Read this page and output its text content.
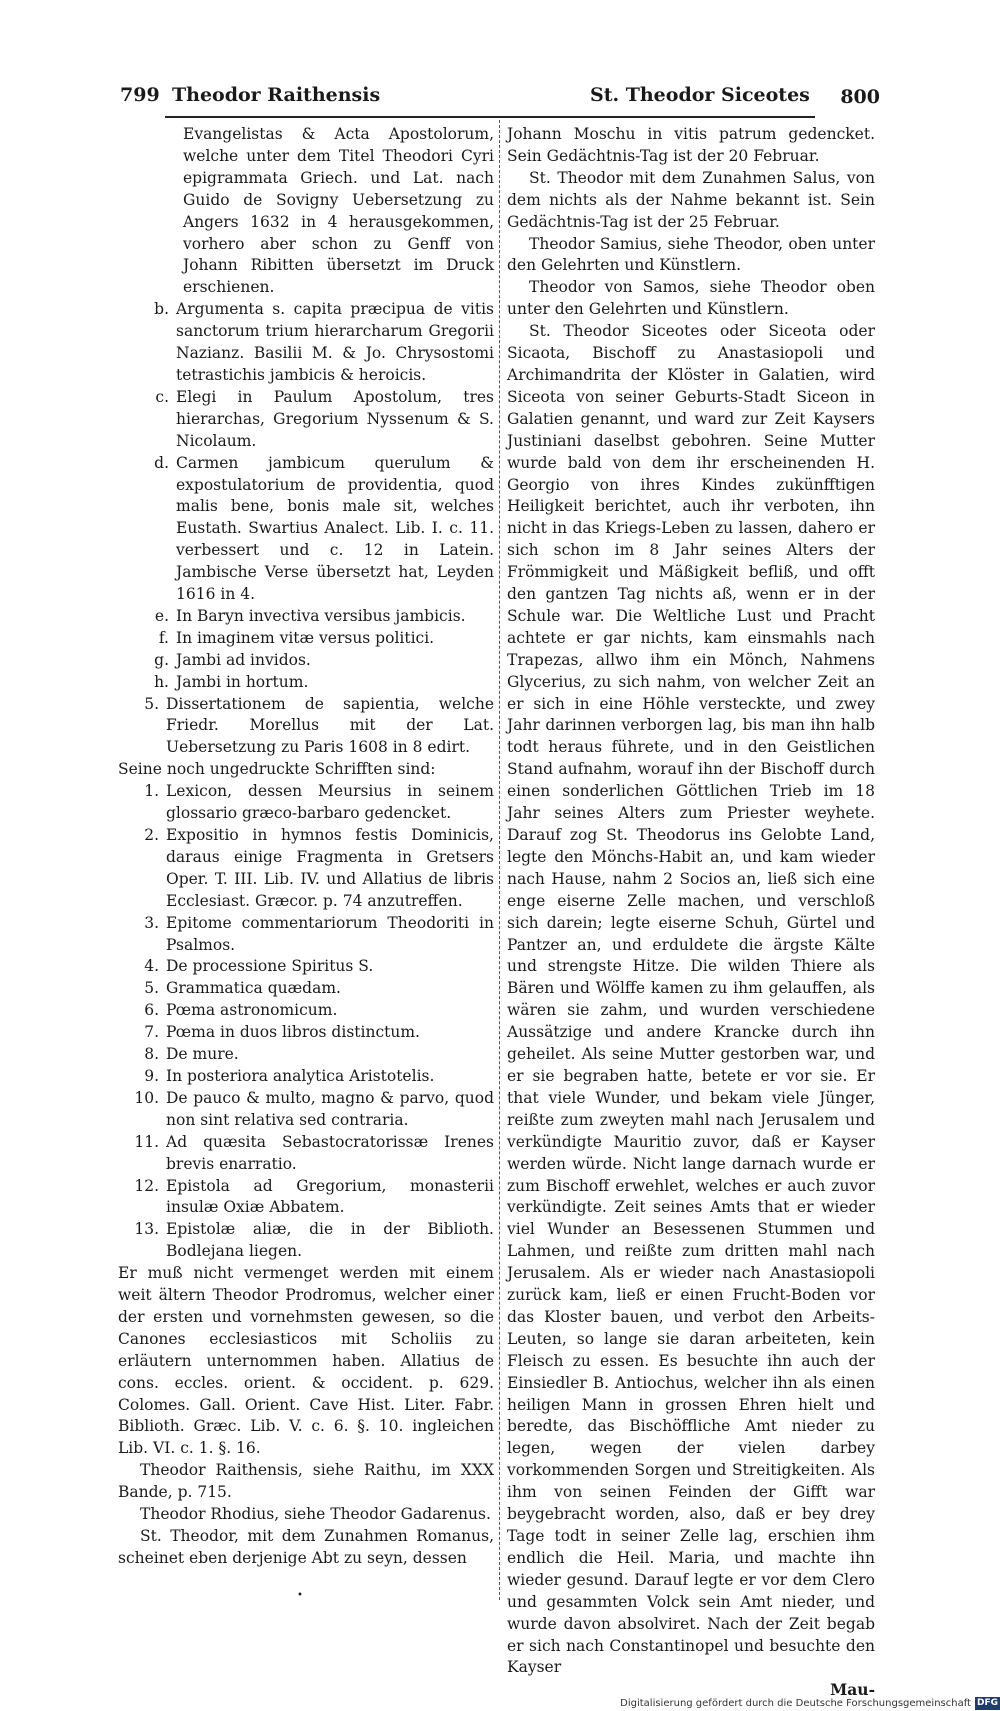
799 Theodor Raithensis	St. Theodor Siceotes 800

Evangelistas & Acta Apostolorum, welche unter dem Titel Theodori Cyri epigrammata Griech. und Lat. nach Guido de Sovigny Uebersetzung zu Angers 1632 in 4 herausgekommen, vorhero aber schon zu Genff von Johann Ribitten übersetzt im Druck erschienen.

b. Argumenta s. capita præcipua de vitis sanctorum trium hierarcharum Gregorii Nazianz. Basilii M. & Jo. Chrysostomi tetrastichis jambicis & heroicis.
c. Elegi in Paulum Apostolum, tres hierarchas, Gregorium Nyssenum & S. Nicolaum.
d. Carmen jambicum querulum & expostulatorium de providentia, quod malis bene, bonis male sit, welches Eustath. Swartius Analect. Lib. I. c. 11. verbessert und c. 12 in Latein. Jambische Verse übersetzt hat, Leyden 1616 in 4.
e. In Baryn invectiva versibus jambicis.
f. In imaginem vitæ versus politici.
g. Jambi ad invidos.
h. Jambi in hortum.
5. Dissertationem de sapientia, welche Friedr. Morellus mit der Lat. Uebersetzung zu Paris 1608 in 8 edirt.

Seine noch ungedruckte Schrifften sind:

1. Lexicon, dessen Meursius in seinem glossario græco-barbaro gedencket.
2. Expositio in hymnos festis Dominicis, daraus einige Fragmenta in Gretsers Oper. T. III. Lib. IV. und Allatius de libris Ecclesiast. Græcor. p. 74 anzutreffen.
3. Epitome commentariorum Theodoriti in Psalmos.
4. De processione Spiritus S.
5. Grammatica quædam.
6. Pœma astronomicum.
7. Pœma in duos libros distinctum.
8. De mure.
9. In posteriora analytica Aristotelis.
10. De pauco & multo, magno & parvo, quod non sint relativa sed contraria.
11. Ad quæsita Sebastocratorissæ Irenes brevis enarratio.
12. Epistola ad Gregorium, monasterii insulæ Oxiæ Abbatem.
13. Epistolæ aliæ, die in der Biblioth. Bodlejana liegen.

Er muß nicht vermenget werden mit einem weit ältern Theodor Prodromus, welcher einer der ersten und vornehmsten gewesen, so die Canones ecclesiasticos mit Scholiis zu erläutern unternommen haben. Allatius de cons. eccles. orient. & occident. p. 629. Colomes. Gall. Orient. Cave Hist. Liter. Fabr. Biblioth. Græc. Lib. V. c. 6. §. 10. ingleichen Lib. VI. c. 1. §. 16.

Theodor Raithensis, siehe Raithu, im XXX Bande, p. 715.

Theodor Rhodius, siehe Theodor Gadarenus.

St. Theodor, mit dem Zunahmen Romanus, scheinet eben derjenige Abt zu seyn, dessen

Johann Moschu in vitis patrum gedencket. Sein Gedächtnis-Tag ist der 20 Februar.

St. Theodor mit dem Zunahmen Salus, von dem nichts als der Nahme bekannt ist. Sein Gedächtnis-Tag ist der 25 Februar.

Theodor Samius, siehe Theodor, oben unter den Gelehrten und Künstlern.

Theodor von Samos, siehe Theodor oben unter den Gelehrten und Künstlern.

St. Theodor Siceotes oder Siceota oder Sicaota, Bischoff zu Anastasiopoli und Archimandrita der Klöster in Galatien, wird Siceota von seiner Geburts-Stadt Siceon in Galatien genannt, und ward zur Zeit Kaysers Justiniani daselbst gebohren. Seine Mutter wurde bald von dem ihr erscheinenden H. Georgio von ihres Kindes zukünfftigen Heiligkeit berichtet, auch ihr verboten, ihn nicht in das Kriegs-Leben zu lassen, dahero er sich schon im 8 Jahr seines Alters der Frömmigkeit und Mäßigkeit befliß, und offt den gantzen Tag nichts aß, wenn er in der Schule war. Die Weltliche Lust und Pracht achtete er gar nichts, kam einsmahls nach Trapezas, allwo ihm ein Mönch, Nahmens Glycerius, zu sich nahm, von welcher Zeit an er sich in eine Höhle versteckte, und zwey Jahr darinnen verborgen lag, bis man ihn halb todt heraus führete, und in den Geistlichen Stand aufnahm, worauf ihn der Bischoff durch einen sonderlichen Göttlichen Trieb im 18 Jahr seines Alters zum Priester weyhete. Darauf zog St. Theodorus ins Gelobte Land, legte den Mönchs-Habit an, und kam wieder nach Hause, nahm 2 Socios an, ließ sich eine enge eiserne Zelle machen, und verschloß sich darein; legte eiserne Schuh, Gürtel und Pantzer an, und erduldete die ärgste Kälte und strengste Hitze. Die wilden Thiere als Bären und Wölffe kamen zu ihm gelauffen, als wären sie zahm, und wurden verschiedene Aussätzige und andere Krancke durch ihn geheilet. Als seine Mutter gestorben war, und er sie begraben hatte, betete er vor sie. Er that viele Wunder, und bekam viele Jünger, reißte zum zweyten mahl nach Jerusalem und verkündigte Mauritio zuvor, daß er Kayser werden würde. Nicht lange darnach wurde er zum Bischoff erwehlet, welches er auch zuvor verkündigte. Zeit seines Amts that er wieder viel Wunder an Besessenen Stummen und Lahmen, und reißte zum dritten mahl nach Jerusalem. Als er wieder nach Anastasiopoli zurück kam, ließ er einen Frucht-Boden vor das Kloster bauen, und verbot den Arbeits-Leuten, so lange sie daran arbeiteten, kein Fleisch zu essen. Es besuchte ihn auch der Einsiedler B. Antiochus, welcher ihn als einen heiligen Mann in grossen Ehren hielt und beredte, das Bischöffliche Amt nieder zu legen, wegen der vielen darbey vorkommenden Sorgen und Streitigkeiten. Als ihm von seinen Feinden der Gifft war beygebracht worden, also, daß er bey drey Tage todt in seiner Zelle lag, erschien ihm endlich die Heil. Maria, und machte ihn wieder gesund. Darauf legte er vor dem Clero und gesammten Volck sein Amt nieder, und wurde davon absolviret. Nach der Zeit begab er sich nach Constantinopel und besuchte den Kayser

Mau-

•
Digitalisierung gefördert durch die Deutsche Forschungsgemeinschaft DFG
